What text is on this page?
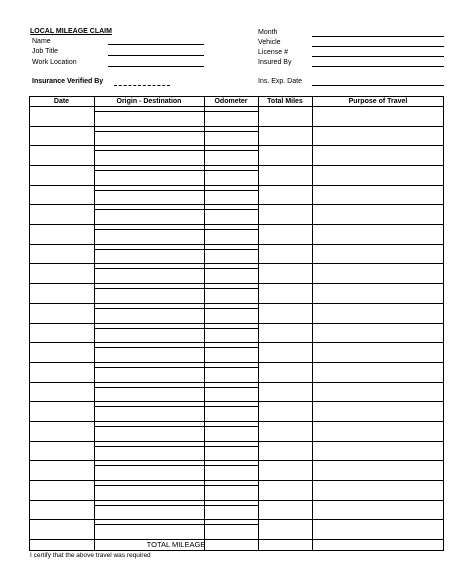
LOCAL MILEAGE CLAIM
Name
Job Title
Work Location
Month
Vehicle
License #
Insured By
Insurance Verified By	Ins. Exp. Date
Date	Origin - Destination	Odometer	Total Miles	Purpose of Travel
TOTAL MILEAGE
I certify that the above travel was required
